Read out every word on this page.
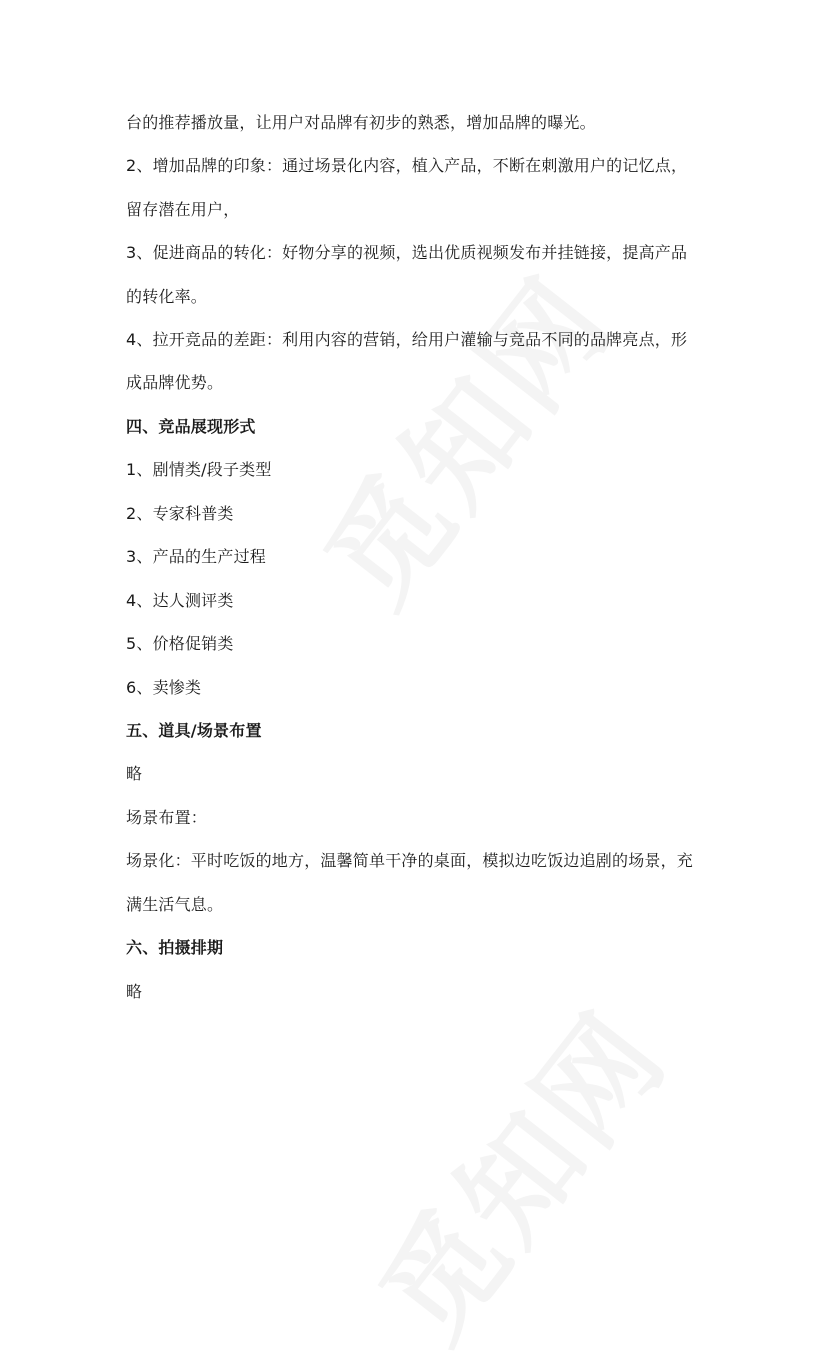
台的推荐播放量，让用户对品牌有初步的熟悉，增加品牌的曝光。
2、增加品牌的印象：通过场景化内容，植入产品，不断在刺激用户的记忆点，
留存潜在用户，
3、促进商品的转化：好物分享的视频，选出优质视频发布并挂链接，提高产品
的转化率。
4、拉开竞品的差距：利用内容的营销，给用户灌输与竞品不同的品牌亮点，形
成品牌优势。
四、竞品展现形式
1、剧情类/段子类型
2、专家科普类
3、产品的生产过程
4、达人测评类
5、价格促销类
6、卖惨类
五、道具/场景布置
略
场景布置：
场景化：平时吃饭的地方，温馨简单干净的桌面，模拟边吃饭边追剧的场景，充
满生活气息。
六、拍摄排期
略
